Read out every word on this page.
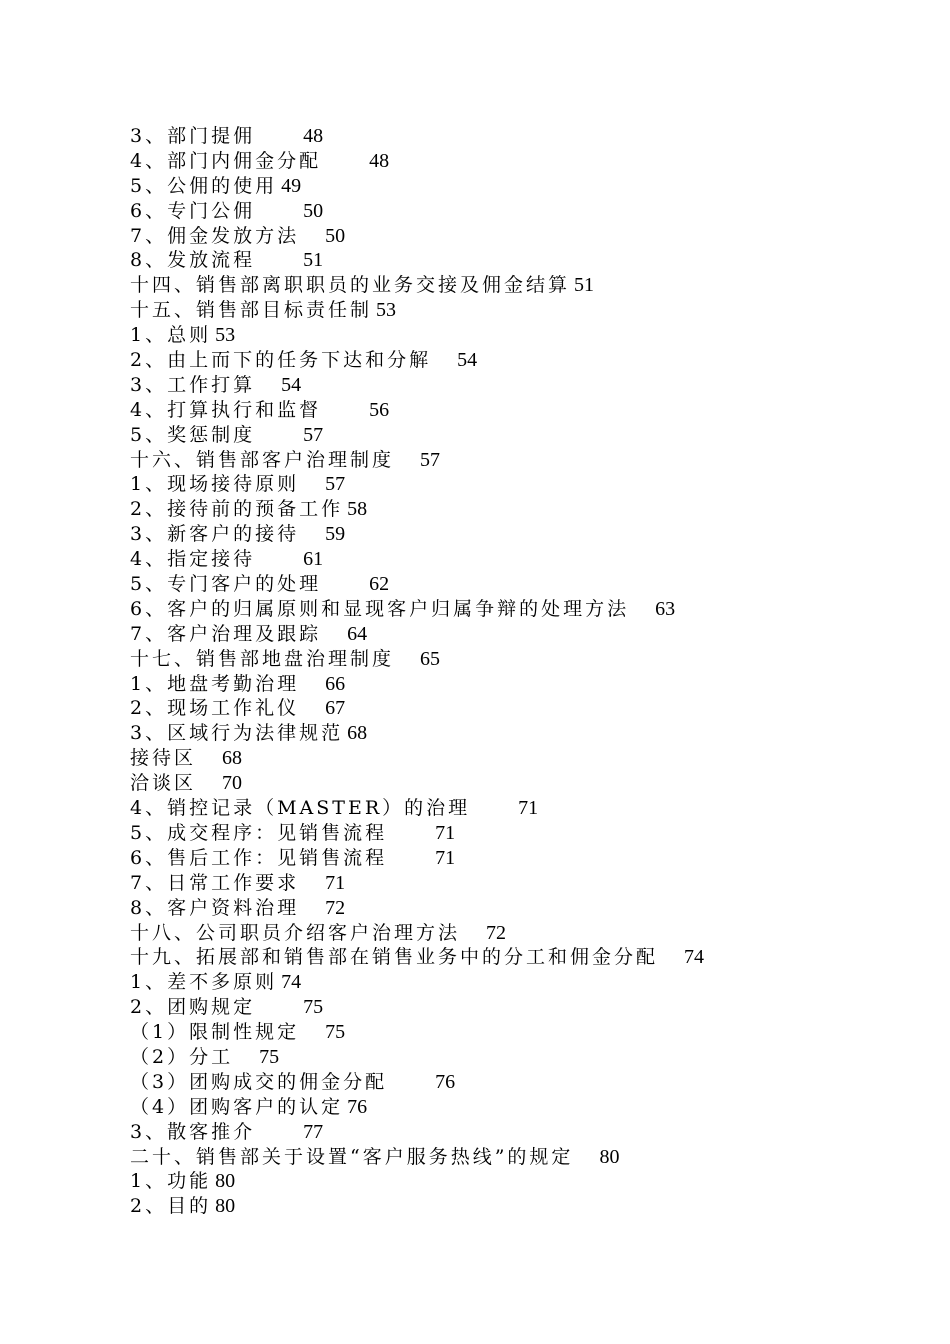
3、部门提佣 48
4、部门内佣金分配 48
5、公佣的使用 49
6、专门公佣 50
7、佣金发放方法 50
8、发放流程 51
十四、销售部离职职员的业务交接及佣金结算 51
十五、销售部目标责任制 53
1、总则 53
2、由上而下的任务下达和分解 54
3、工作打算 54
4、打算执行和监督 56
5、奖惩制度 57
十六、销售部客户治理制度 57
1、现场接待原则 57
2、接待前的预备工作 58
3、新客户的接待 59
4、指定接待 61
5、专门客户的处理 62
6、客户的归属原则和显现客户归属争辩的处理方法 63
7、客户治理及跟踪 64
十七、销售部地盘治理制度 65
1、地盘考勤治理 66
2、现场工作礼仪 67
3、区域行为法律规范 68
接待区 68
洽谈区 70
4、销控记录（MASTER）的治理 71
5、成交程序：见销售流程 71
6、售后工作：见销售流程 71
7、日常工作要求 71
8、客户资料治理 72
十八、公司职员介绍客户治理方法 72
十九、拓展部和销售部在销售业务中的分工和佣金分配 74
1、差不多原则 74
2、团购规定 75
（1）限制性规定 75
（2）分工 75
（3）团购成交的佣金分配 76
（4）团购客户的认定 76
3、散客推介 77
二十、销售部关于设置“客户服务热线”的规定 80
1、功能 80
2、目的 80
